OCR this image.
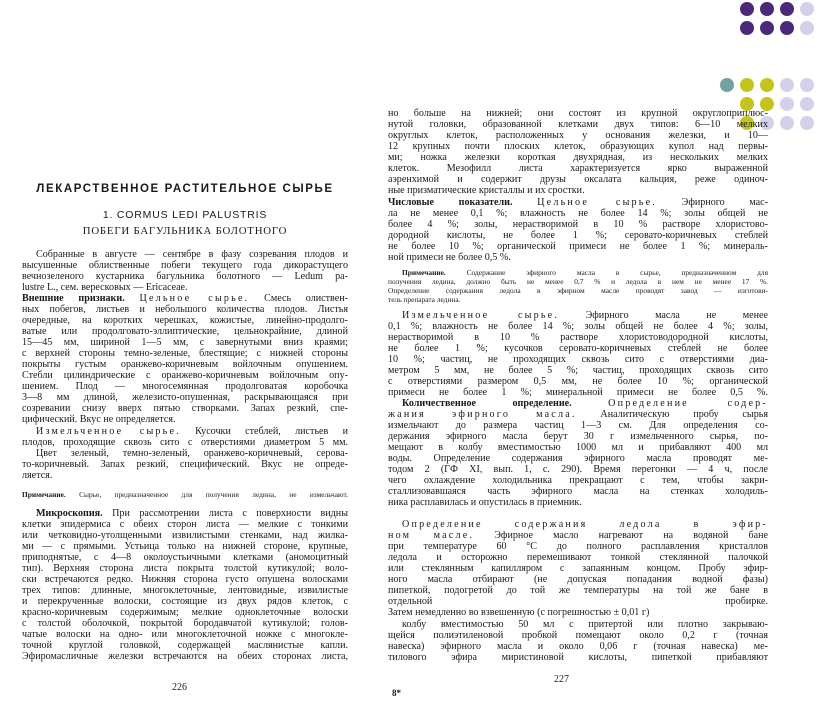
ЛЕКАРСТВЕННОЕ РАСТИТЕЛЬНОЕ СЫРЬЕ
1. CORMUS LEDI PALUSTRIS
ПОБЕГИ БАГУЛЬНИКА БОЛОТНОГО
Собранные в августе — сентябре в фазу созревания плодов и
высушенные облиственные побеги текущего года дикорастущего
вечнозеленого кустарника багульника болотного — Ledum pa-
lustre L., сем. вересковых — Ericaceae.
Внешние признаки. Цельное сырье. Смесь олиствен-
ных побегов, листьев и небольшого количества плодов. Листья
очередные, на коротких черешках, кожистые, линейно-продолго-
ватые или продолговато-эллиптические, цельнокрайние, длиной
15—45 мм, шириной 1—5 мм, с завернутыми вниз краями;
с верхней стороны темно-зеленые, блестящие; с нижней стороны
покрыты густым оранжево-коричневым войлочным опушением.
Стебли цилиндрические с оранжево-коричневым войлочным опу-
шением. Плод — многосемянная продолговатая коробочка
3—8 мм длиной, железисто-опушенная, раскрывающаяся при
созревании снизу вверх пятью створками. Запах резкий, спе-
цифический. Вкус не определяется.
Измельченное сырье. Кусочки стеблей, листьев и
плодов, проходящие сквозь сито с отверстиями диаметром 5 мм.
Цвет зеленый, темно-зеленый, оранжево-коричневый, серова-
то-коричневый. Запах резкий, специфический. Вкус не опреде-
ляется.
Примечание. Сырье, предназначенное для получения ледина, не измельчают.
Микроскопия. При рассмотрении листа с поверхности видны
клетки эпидермиса с обеих сторон листа — мелкие с тонкими
или четковидно-утолщенными извилистыми стенками, над жилка-
ми — с прямыми. Устьица только на нижней стороне, крупные,
приподнятые, с 4—8 околоустьичными клетками (аномоцитный
тип). Верхняя сторона листа покрыта толстой кутикулой; воло-
ски встречаются редко. Нижняя сторона густо опушена волосками
трех типов: длинные, многоклеточные, лентовидные, извилистые
и перекрученные волоски, состоящие из двух рядов клеток, с
красно-коричневым содержимым; мелкие одноклеточные волоски
с толстой оболочкой, покрытой бородавчатой кутикулой; голов-
чатые волоски на одно- или многоклеточной ножке с многокле-
точной круглой головкой, содержащей маслянистые капли.
Эфиромасличные железки встречаются на обеих сторонах листа,
226
но больше на нижней; они состоят из крупной округлоприплюс-
нутой головки, образованной клетками двух типов: 6—10 мелких
округлых клеток, расположенных у основания железки, и 10—
12 крупных почти плоских клеток, образующих купол над первы-
ми; ножка железки короткая двухрядная, из нескольких мелких
клеток. Мезофилл листа характеризуется ярко выраженной
аэренхимой и содержит друзы оксалата кальция, реже одиноч-
ные призматические кристаллы и их сростки.
Числовые показатели. Цельное сырье. Эфирного мас-
ла не менее 0,1 %; влажность не более 14 %; золы общей не
более 4 %; золы, нерастворимой в 10 % растворе хлористово-
дородной кислоты, не более 1 %; серовато-коричневых стеблей
не более 10 %; органической примеси не более 1 %; минераль-
ной примеси не более 0,5 %.
Примечание. Содержание эфирного масла в сырье, предназначенном для
получения ледина, должно быть не менее 0,7 % и ледола в нем не менее 17 %.
Определение содержания ледола в эфирном масле проводят завод — изготови-
тель препарата ледина.
Измельченное сырье. Эфирного масла не менее
0,1 %; влажность не более 14 %; золы общей не более 4 %; золы,
нерастворимой в 10 % растворе хлористоводородной кислоты,
не более 1 %; кусочков серовато-коричневых стеблей не более
10 %; частиц, не проходящих сквозь сито с отверстиями диа-
метром 5 мм, не более 5 %; частиц, проходящих сквозь сито
с отверстиями размером 0,5 мм, не более 10 %; органической
примеси не более 1 %; минеральной примеси не более 0,5 %.
Количественное определение.	Определение содер-
жания эфирного масла. Аналитическую пробу сырья
измельчают до размера частиц 1—3 см. Для определения со-
держания эфирного масла берут 30 г измельченного сырья, по-
мещают в колбу вместимостью 1000 мл и прибавляют 400 мл
воды. Определение содержания эфирного масла проводят ме-
тодом 2 (ГФ XI, вып. 1, с. 290). Время перегонки — 4 ч, после
чего охлаждение холодильника прекращают с тем, чтобы закри-
сталлизовавшаяся часть эфирного масла на стенках холодиль-
ника расплавилась и опустилась в приемник.
Определение содержания ледола в эфир-
ном масле. Эфирное масло нагревают на водяной бане
при температуре 60 °С до полного расплавления кристаллов
ледола и осторожно перемешивают тонкой стеклянной палочкой
или стеклянным капилляром с запаянным концом. Пробу эфир-
ного масла отбирают (не допуская попадания водной фазы)
пипеткой, подогретой до той же температуры на той же бане в
отдельной пробирке.
Затем немедленно во взвешенную (с погрешностью ± 0,01 г)
колбу вместимостью 50 мл с притертой или плотно закрываю-
щейся полиэтиленовой пробкой помещают около 0,2 г (точная
навеска) эфирного масла и около 0,06 г (точная навеска) ме-
тилового эфира миристиновой кислоты, пипеткой прибавляют
227
8*
